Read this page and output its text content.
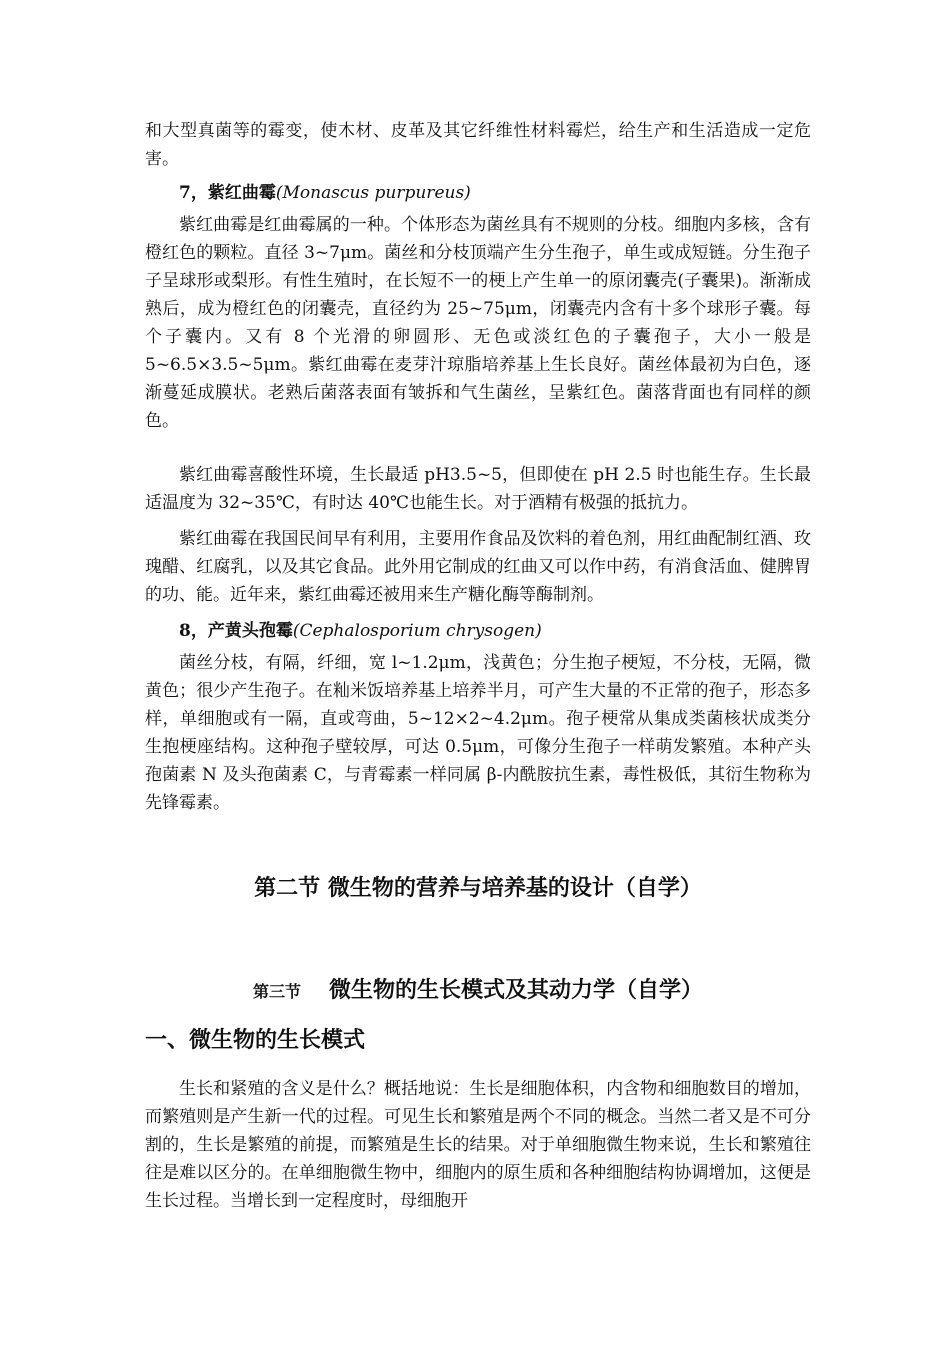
和大型真菌等的霉变，使木材、皮革及其它纤维性材料霉烂，给生产和生活造成一定危害。

7，紫红曲霉(Monascus purpureus)

紫红曲霉是红曲霉属的一种。个体形态为菌丝具有不规则的分枝。细胞内多核，含有橙红色的颗粒。直径 3~7μm。菌丝和分枝顶端产生分生孢子，单生或成短链。分生孢子子呈球形或梨形。有性生殖时，在长短不一的梗上产生单一的原闭囊壳(子囊果)。渐渐成熟后，成为橙红色的闭囊壳，直径约为 25~75μm，闭囊壳内含有十多个球形子囊。每个子囊内。又有 8 个光滑的卵圆形、无色或淡红色的子囊孢子，大小一般是 5~6.5×3.5~5μm。紫红曲霉在麦芽汁琼脂培养基上生长良好。菌丝体最初为白色，逐渐蔓延成膜状。老熟后菌落表面有皱拆和气生菌丝，呈紫红色。菌落背面也有同样的颜色。

紫红曲霉喜酸性环境，生长最适 pH3.5~5，但即使在 pH 2.5 时也能生存。生长最适温度为 32~35℃，有时达 40℃也能生长。对于酒精有极强的抵抗力。

紫红曲霉在我国民间早有利用，主要用作食品及饮料的着色剂，用红曲配制红酒、玫瑰醋、红腐乳，以及其它食品。此外用它制成的红曲又可以作中药，有消食活血、健脾胃的功、能。近年来，紫红曲霉还被用来生产糖化酶等酶制剂。

8，产黄头孢霉(Cephalosporium chrysogen)

菌丝分枝，有隔，纤细，宽 l~1.2μm，浅黄色；分生抱子梗短，不分枝，无隔，微黄色；很少产生孢子。在籼米饭培养基上培养半月，可产生大量的不正常的孢子，形态多样，单细胞或有一隔，直或弯曲，5~12×2~4.2μm。孢子梗常从集成类菌核状成类分生抱梗座结构。这种孢子壁较厚，可达 0.5μm，可像分生孢子一样萌发繁殖。本种产头孢菌素 N 及头孢菌素 C，与青霉素一样同属 β-内酰胺抗生素，毒性极低，其衍生物称为先锋霉素。

第二节 微生物的营养与培养基的设计（自学）
第三节 微生物的生长模式及其动力学（自学）
一、微生物的生长模式

生长和紧殖的含义是什么？概括地说：生长是细胞体积，内含物和细胞数目的增加，而繁殖则是产生新一代的过程。可见生长和繁殖是两个不同的概念。当然二者又是不可分割的，生长是繁殖的前提，而繁殖是生长的结果。对于单细胞微生物来说，生长和繁殖往往是难以区分的。在单细胞微生物中，细胞内的原生质和各种细胞结构协调增加，这便是生长过程。当增长到一定程度时，母细胞开
